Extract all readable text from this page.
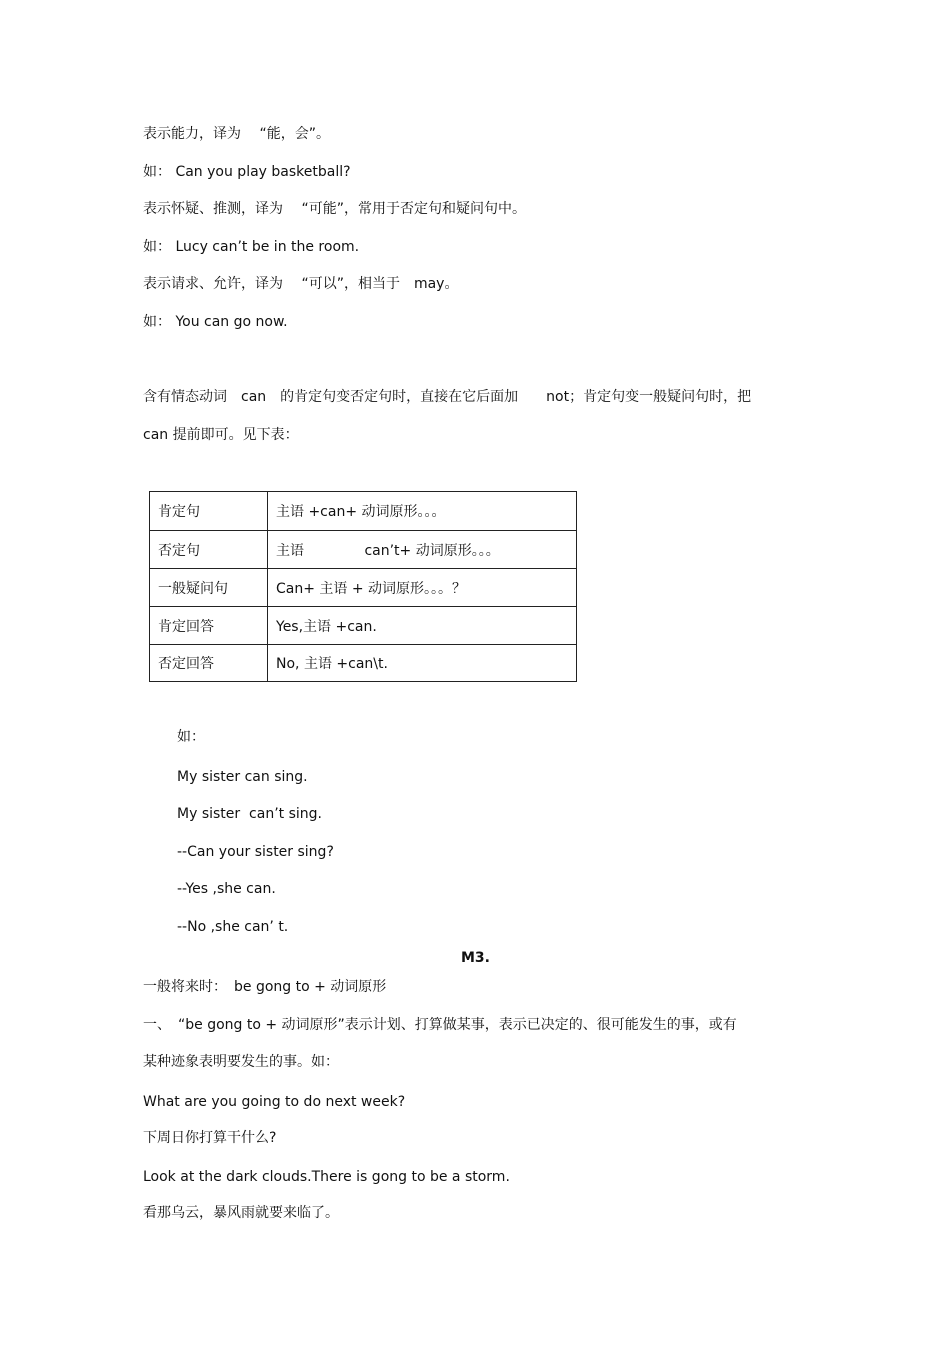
表示能力，译为　 “能，会”。

如： Can you play basketball?

表示怀疑、推测，译为　 “可能”，常用于否定句和疑问句中。

如： Lucy can’t be in the room.

表示请求、允许，译为　 “可以”，相当于　may。

如： You can go now.

含有情态动词　can　的肯定句变否定句时，直接在它后面加　　not；肯定句变一般疑问句时，把

can 提前即可。见下表：

肯定句	主语 +can+ 动词原形。。。
否定句	主语　　　　 can’t+ 动词原形。。。
一般疑问句	Can+ 主语 + 动词原形。。。？
肯定回答	Yes,主语 +can.
否定回答	No, 主语 +can\t.

如：

My sister can sing.

My sister  can’t sing.

--Can your sister sing?

--Yes ,she can.

--No ,she can’ t.

M3.

一般将来时：　be gong to + 动词原形

一、　“be gong to + 动词原形”表示计划、打算做某事，表示已决定的、很可能发生的事，或有

某种迹象表明要发生的事。如：

What are you going to do next week?

下周日你打算干什么?

Look at the dark clouds.There is gong to be a storm.

看那乌云，暴风雨就要来临了。
